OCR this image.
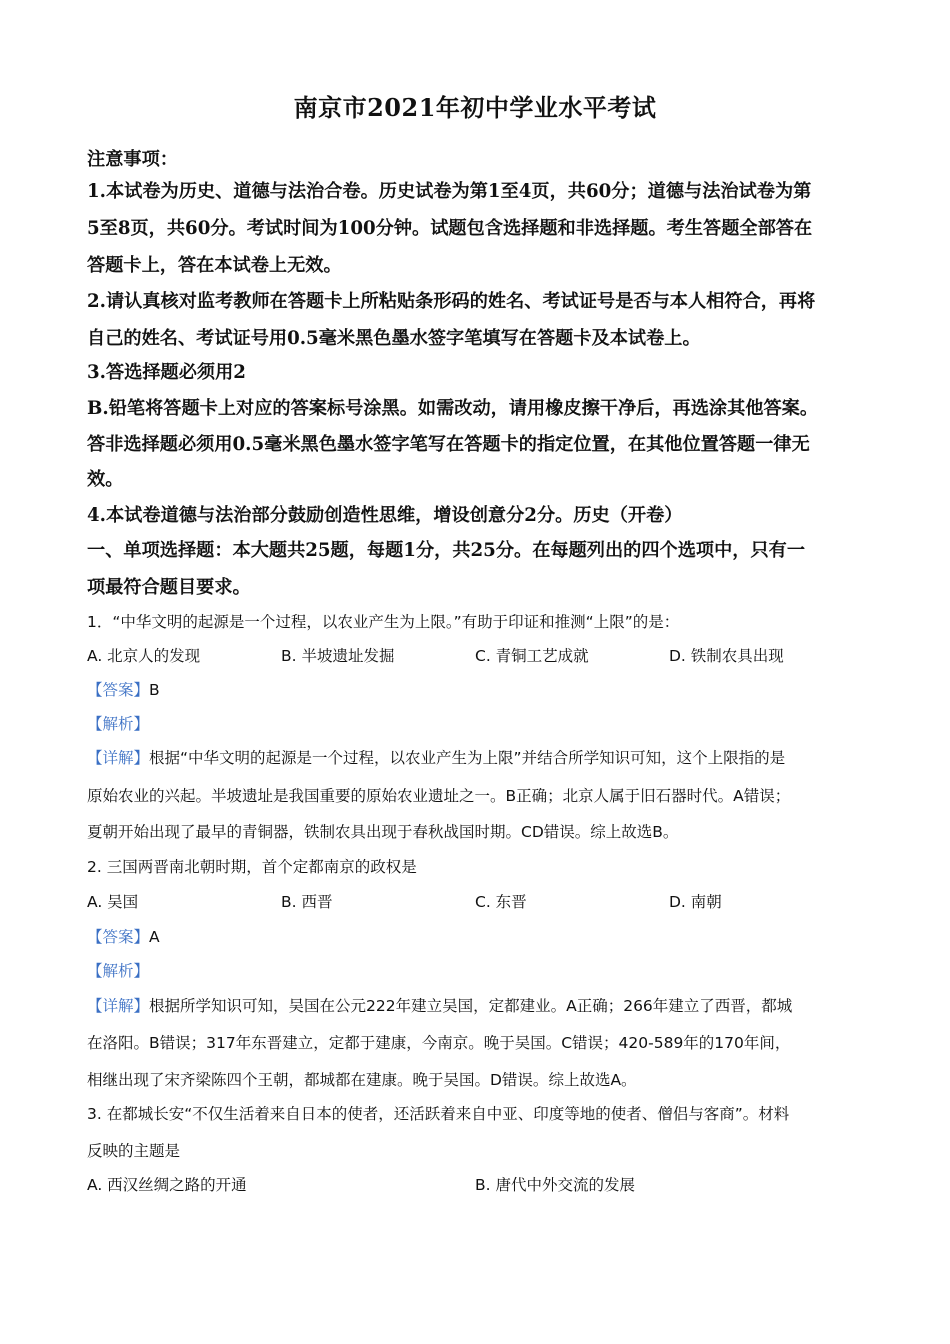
南京市2021年初中学业水平考试
注意事项：
1.本试卷为历史、道德与法治合卷。历史试卷为第1至4页，共60分；道德与法治试卷为第
5至8页，共60分。考试时间为100分钟。试题包含选择题和非选择题。考生答题全部答在
答题卡上，答在本试卷上无效。
2.请认真核对监考教师在答题卡上所粘贴条形码的姓名、考试证号是否与本人相符合，再将
自己的姓名、考试证号用0.5毫米黑色墨水签字笔填写在答题卡及本试卷上。
3.答选择题必须用2
B.铅笔将答题卡上对应的答案标号涂黑。如需改动，请用橡皮擦干净后，再选涂其他答案。
答非选择题必须用0.5毫米黑色墨水签字笔写在答题卡的指定位置，在其他位置答题一律无
效。
4.本试卷道德与法治部分鼓励创造性思维，增设创意分2分。历史（开卷）
一、单项选择题：本大题共25题，每题1分，共25分。在每题列出的四个选项中，只有一
项最符合题目要求。
1．“中华文明的起源是一个过程，以农业产生为上限。”有助于印证和推测“上限”的是：
A. 北京人的发现	B. 半坡遗址发掘	C. 青铜工艺成就	D. 铁制农具出现
【答案】B
【解析】
【详解】根据“中华文明的起源是一个过程，以农业产生为上限”并结合所学知识可知，这个上限指的是
原始农业的兴起。半坡遗址是我国重要的原始农业遗址之一。B正确；北京人属于旧石器时代。A错误；
夏朝开始出现了最早的青铜器，铁制农具出现于春秋战国时期。CD错误。综上故选B。
2. 三国两晋南北朝时期，首个定都南京的政权是
A. 吴国	B. 西晋	C. 东晋	D. 南朝
【答案】A
【解析】
【详解】根据所学知识可知，吴国在公元222年建立吴国，定都建业。A正确；266年建立了西晋，都城
在洛阳。B错误；317年东晋建立，定都于建康，今南京。晚于吴国。C错误；420-589年的170年间，
相继出现了宋齐梁陈四个王朝，都城都在建康。晚于吴国。D错误。综上故选A。
3. 在都城长安“不仅生活着来自日本的使者，还活跃着来自中亚、印度等地的使者、僧侣与客商”。材料
反映的主题是
A. 西汉丝绸之路的开通	B. 唐代中外交流的发展
